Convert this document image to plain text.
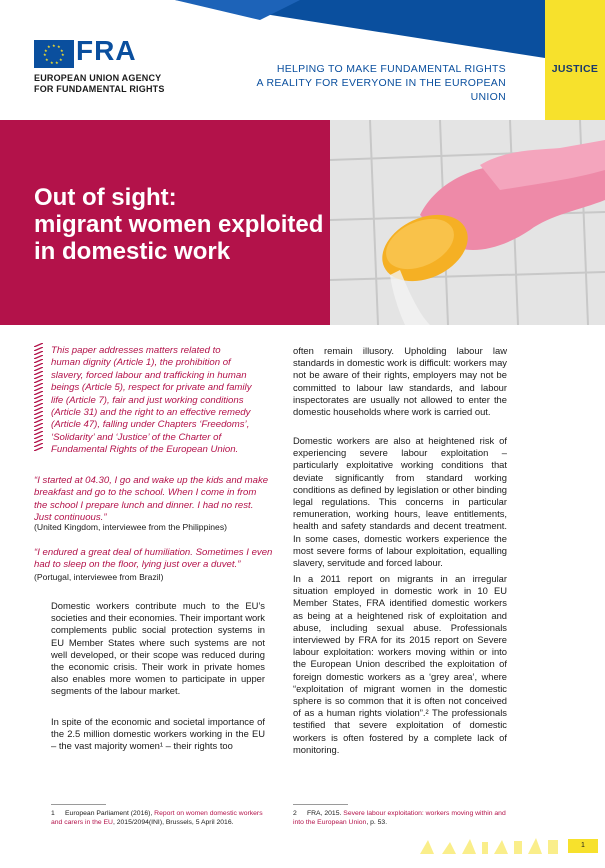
★ ★
★
★
★
★
★
★
★
★
★ FRA
EUROPEAN UNION AGENCY
FOR FUNDAMENTAL RIGHTS
HELPING TO MAKE FUNDAMENTAL RIGHTS
A REALITY FOR EVERYONE IN THE EUROPEAN UNION
JUSTICE
Out of sight:
migrant women exploited
in domestic work
This paper addresses matters related to
human dignity (Article 1), the prohibition of
slavery, forced labour and trafficking in human
beings (Article 5), respect for private and family
life (Article 7), fair and just working conditions
(Article 31) and the right to an effective remedy
(Article 47), falling under Chapters ‘Freedoms’,
‘Solidarity’ and ‘Justice’ of the Charter of
Fundamental Rights of the European Union.
“I started at 04.30, I go and wake up the kids and make
breakfast and go to the school. When I come in from
the school I prepare lunch and dinner. I had no rest.
Just continuous.”
(United Kingdom, interviewee from the Philippines)
“I endured a great deal of humiliation. Sometimes I even
had to sleep on the floor, lying just over a duvet.”
(Portugal, interviewee from Brazil)
Domestic workers contribute much to the EU’s societies and their economies. Their important work complements public social protection systems in EU Member States where such systems are not well developed, or their scope was reduced during the economic crisis. Their work in private homes also enables more women to participate in upper segments of the labour market.
In spite of the economic and societal importance of the 2.5 million domestic workers working in the EU – the vast majority women¹ – their rights too
often remain illusory. Upholding labour law standards in domestic work is difficult: workers may not be aware of their rights, employers may not be committed to labour law standards, and labour inspectorates are usually not allowed to enter the domestic households where work is carried out.
Domestic workers are also at heightened risk of experiencing severe labour exploitation – particularly exploitative working conditions that deviate significantly from standard working conditions as defined by legislation or other binding legal regulations. This concerns in particular remuneration, working hours, leave entitlements, health and safety standards and decent treatment. In some cases, domestic workers experience the most severe forms of labour exploitation, equalling slavery, servitude and forced labour.
In a 2011 report on migrants in an irregular situation employed in domestic work in 10 EU Member States, FRA identified domestic workers as being at a heightened risk of exploitation and abuse, including sexual abuse. Professionals interviewed by FRA for its 2015 report on Severe labour exploitation: workers moving within or into the European Union described the exploitation of foreign domestic workers as a ‘grey area’, where “exploitation of migrant women in the domestic sphere is so common that it is often not conceived of as a human rights violation”.² The professionals testified that severe exploitation of domestic workers is often fostered by a complete lack of monitoring.
1 European Parliament (2016), Report on women domestic workers and carers in the EU, 2015/2094(INI), Brussels, 5 April 2016.
2 FRA, 2015. Severe labour exploitation: workers moving within and into the European Union, p. 53.
1
